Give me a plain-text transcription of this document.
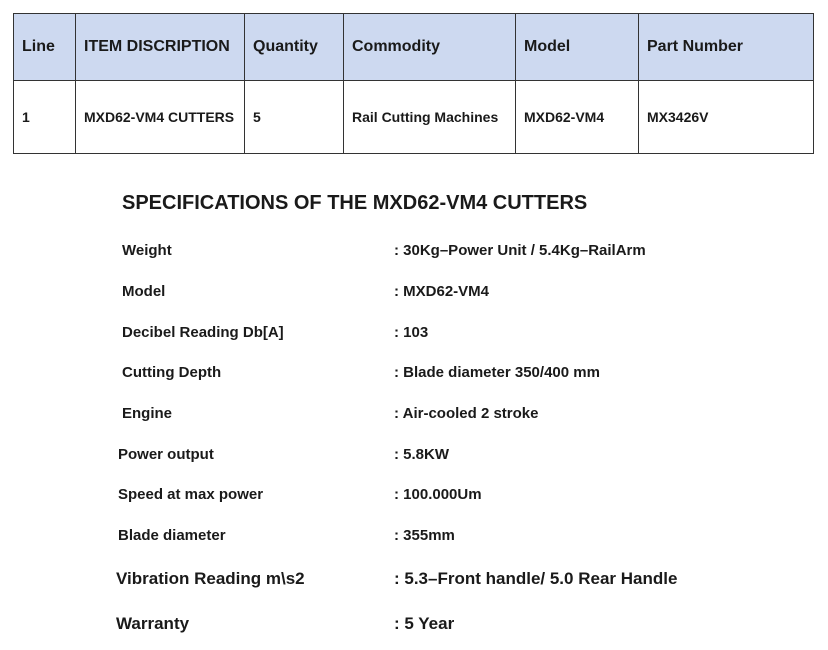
Line	ITEM DISCRIPTION	Quantity	Commodity	Model	Part Number
1	MXD62-VM4 CUTTERS	5	Rail Cutting Machines	MXD62-VM4	MX3426V
SPECIFICATIONS OF THE MXD62-VM4 CUTTERS
Weight	: 30Kg–Power Unit / 5.4Kg–RailArm
Model	: MXD62-VM4
Decibel Reading Db[A]	: 103
Cutting Depth	: Blade diameter 350/400 mm
Engine	: Air-cooled 2 stroke
Power output	: 5.8KW
Speed at max power	: 100.000Um
Blade diameter	: 355mm
Vibration Reading m\s2	: 5.3–Front handle/ 5.0 Rear Handle
Warranty	: 5 Year
